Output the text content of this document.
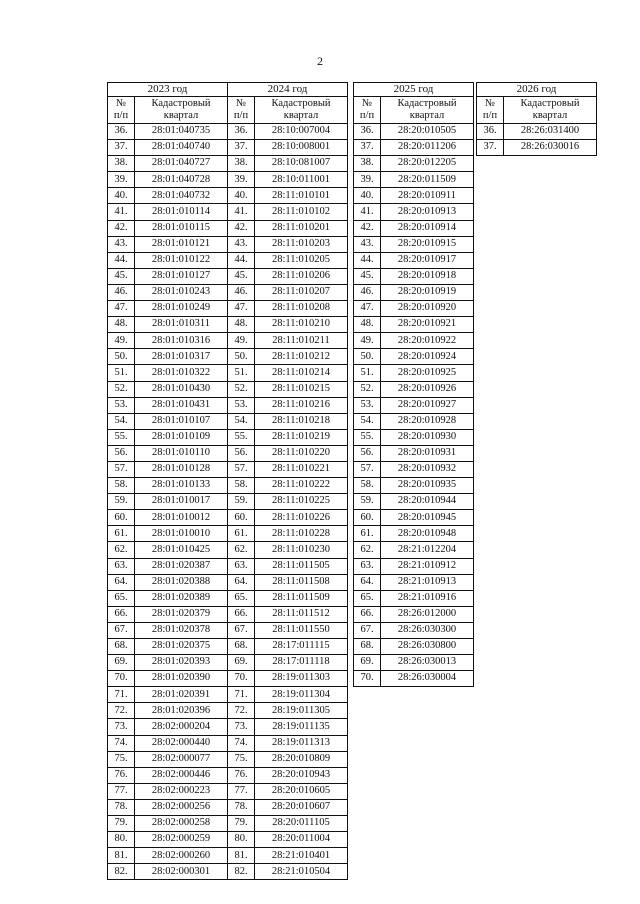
2
2023 год	
№
п/п	Кадастровый
квартал
36.	28:01:040735
37.	28:01:040740
38.	28:01:040727
39.	28:01:040728
40.	28:01:040732
41.	28:01:010114
42.	28:01:010115
43.	28:01:010121
44.	28:01:010122
45.	28:01:010127
46.	28:01:010243
47.	28:01:010249
48.	28:01:010311
49.	28:01:010316
50.	28:01:010317
51.	28:01:010322
52.	28:01:010430
53.	28:01:010431
54.	28:01:010107
55.	28:01:010109
56.	28:01:010110
57.	28:01:010128
58.	28:01:010133
59.	28:01:010017
60.	28:01:010012
61.	28:01:010010
62.	28:01:010425
63.	28:01:020387
64.	28:01:020388
65.	28:01:020389
66.	28:01:020379
67.	28:01:020378
68.	28:01:020375
69.	28:01:020393
70.	28:01:020390
71.	28:01:020391
72.	28:01:020396
73.	28:02:000204
74.	28:02:000440
75.	28:02:000077
76.	28:02:000446
77.	28:02:000223
78.	28:02:000256
79.	28:02:000258
80.	28:02:000259
81.	28:02:000260
82.	28:02:000301
2024 год	
№
п/п	Кадастровый
квартал
36.	28:10:007004
37.	28:10:008001
38.	28:10:081007
39.	28:10:011001
40.	28:11:010101
41.	28:11:010102
42.	28:11:010201
43.	28:11:010203
44.	28:11:010205
45.	28:11:010206
46.	28:11:010207
47.	28:11:010208
48.	28:11:010210
49.	28:11:010211
50.	28:11:010212
51.	28:11:010214
52.	28:11:010215
53.	28:11:010216
54.	28:11:010218
55.	28:11:010219
56.	28:11:010220
57.	28:11:010221
58.	28:11:010222
59.	28:11:010225
60.	28:11:010226
61.	28:11:010228
62.	28:11:010230
63.	28:11:011505
64.	28:11:011508
65.	28:11:011509
66.	28:11:011512
67.	28:11:011550
68.	28:17:011115
69.	28:17:011118
70.	28:19:011303
71.	28:19:011304
72.	28:19:011305
73.	28:19:011135
74.	28:19:011313
75.	28:20:010809
76.	28:20:010943
77.	28:20:010605
78.	28:20:010607
79.	28:20:011105
80.	28:20:011004
81.	28:21:010401
82.	28:21:010504
2025 год	
№
п/п	Кадастровый
квартал
36.	28:20:010505
37.	28:20:011206
38.	28:20:012205
39.	28:20:011509
40.	28:20:010911
41.	28:20:010913
42.	28:20:010914
43.	28:20:010915
44.	28:20:010917
45.	28:20:010918
46.	28:20:010919
47.	28:20:010920
48.	28:20:010921
49.	28:20:010922
50.	28:20:010924
51.	28:20:010925
52.	28:20:010926
53.	28:20:010927
54.	28:20:010928
55.	28:20:010930
56.	28:20:010931
57.	28:20:010932
58.	28:20:010935
59.	28:20:010944
60.	28:20:010945
61.	28:20:010948
62.	28:21:012204
63.	28:21:010912
64.	28:21:010913
65.	28:21:010916
66.	28:26:012000
67.	28:26:030300
68.	28:26:030800
69.	28:26:030013
70.	28:26:030004
2026 год	
№
п/п	Кадастровый
квартал
36.	28:26:031400
37.	28:26:030016
